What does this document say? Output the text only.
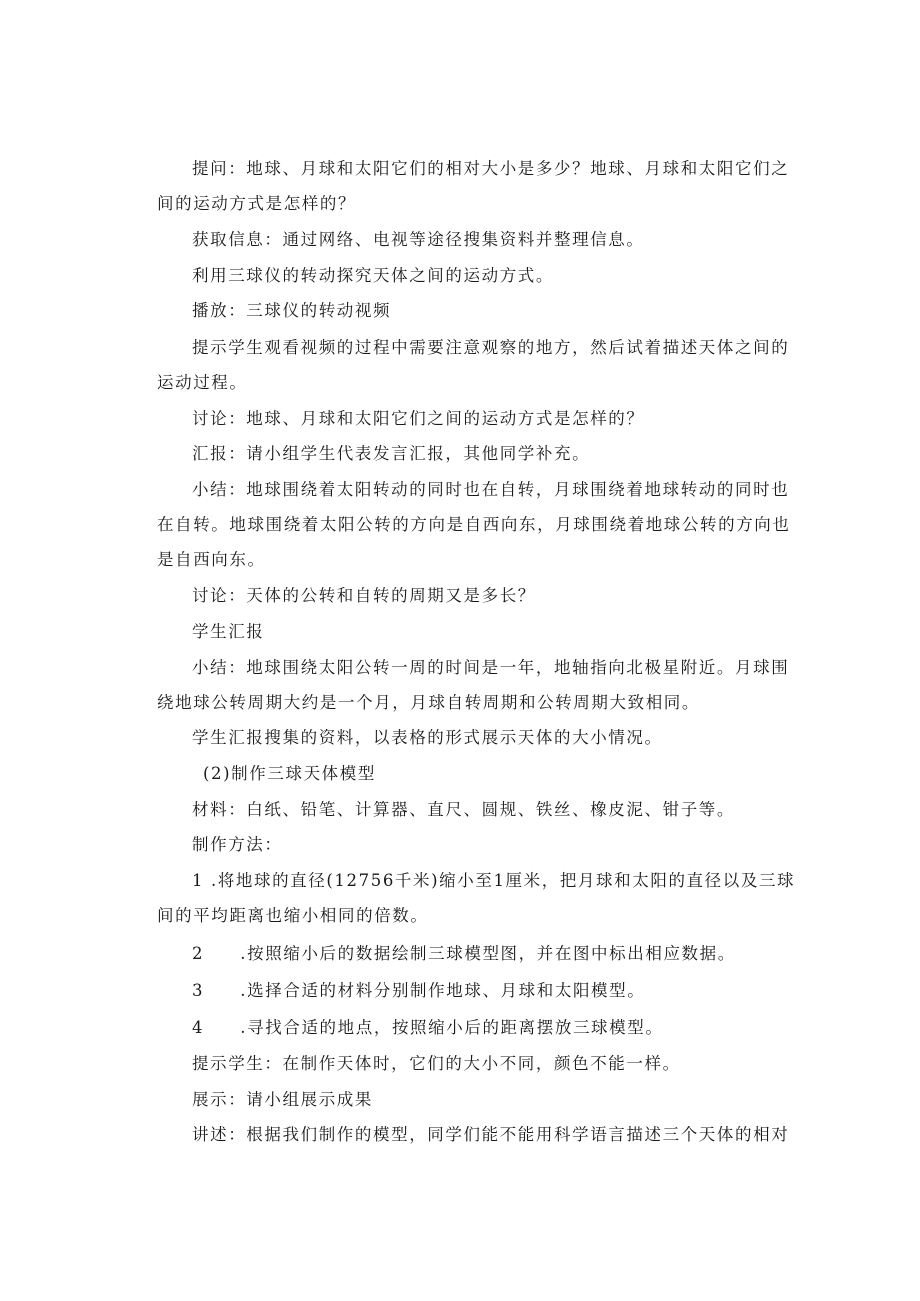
提问：地球、月球和太阳它们的相对大小是多少？地球、月球和太阳它们之
间的运动方式是怎样的？
获取信息：通过网络、电视等途径搜集资料并整理信息。
利用三球仪的转动探究天体之间的运动方式。
播放：三球仪的转动视频
提示学生观看视频的过程中需要注意观察的地方，然后试着描述天体之间的
运动过程。
讨论：地球、月球和太阳它们之间的运动方式是怎样的？
汇报：请小组学生代表发言汇报，其他同学补充。
小结：地球围绕着太阳转动的同时也在自转，月球围绕着地球转动的同时也
在自转。地球围绕着太阳公转的方向是自西向东，月球围绕着地球公转的方向也
是自西向东。
讨论：天体的公转和自转的周期又是多长？
学生汇报
小结：地球围绕太阳公转一周的时间是一年，地轴指向北极星附近。月球围
绕地球公转周期大约是一个月，月球自转周期和公转周期大致相同。
学生汇报搜集的资料，以表格的形式展示天体的大小情况。
(2)制作三球天体模型
材料：白纸、铅笔、计算器、直尺、圆规、铁丝、橡皮泥、钳子等。
制作方法：
1 .将地球的直径(12756千米)缩小至1厘米，把月球和太阳的直径以及三球
间的平均距离也缩小相同的倍数。
2　　.按照缩小后的数据绘制三球模型图，并在图中标出相应数据。
3　　.选择合适的材料分别制作地球、月球和太阳模型。
4　　.寻找合适的地点，按照缩小后的距离摆放三球模型。
提示学生：在制作天体时，它们的大小不同，颜色不能一样。
展示：请小组展示成果
讲述：根据我们制作的模型，同学们能不能用科学语言描述三个天体的相对
